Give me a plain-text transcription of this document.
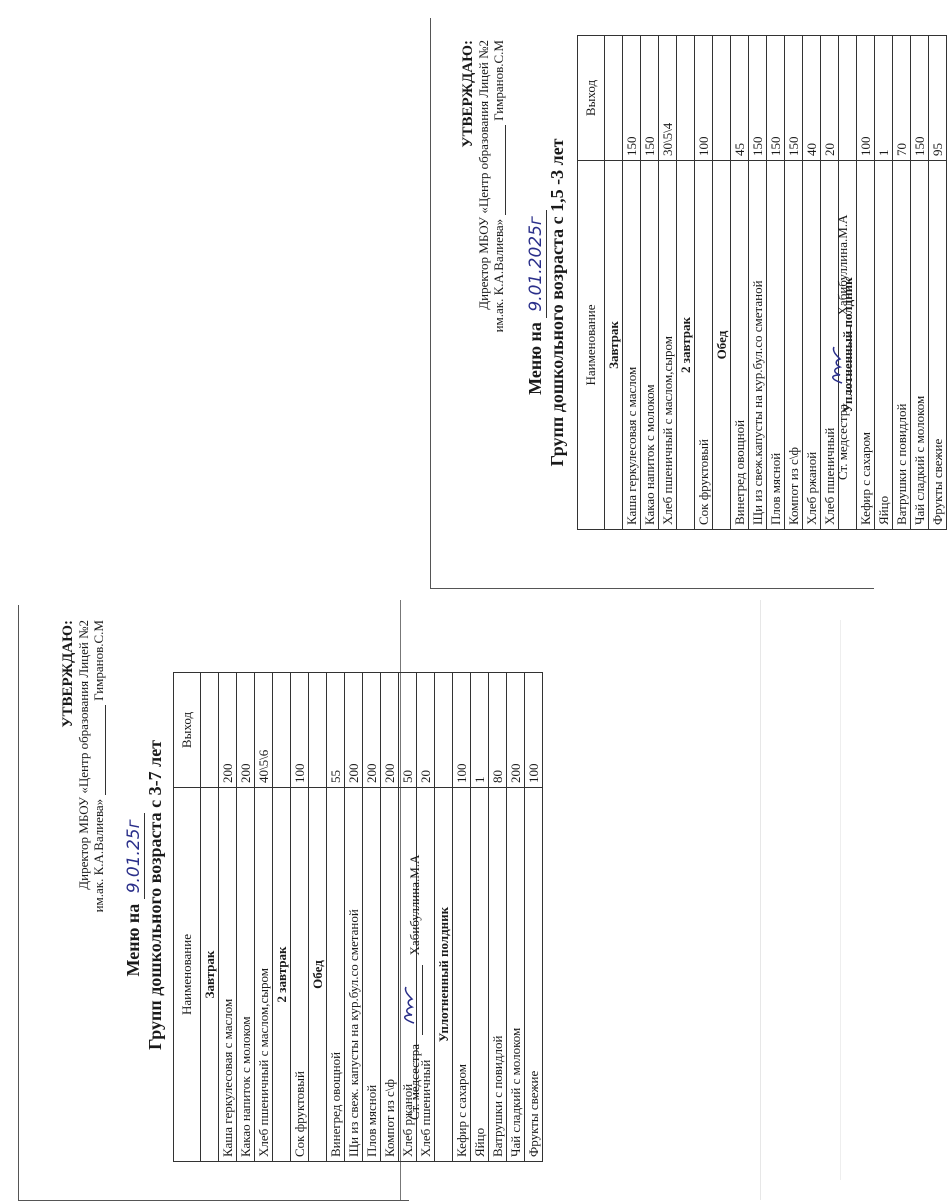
УТВЕРЖДАЮ: Директор МБОУ «Центр образования Лицей №2 им.ак. К.А.Валиева»Гимранов.С.М
Меню на 9.01.2025г Групп дошкольного возраста с 1,5 -3 лет Наименование	Выход
Завтрак	
Каша геркулесовая с маслом	150
Какао напиток с молоком	150
Хлеб пшеничный с маслом,сыром	30\5\4
2 завтрак	
Сок фруктовый	100
Обед	
Винегред овощной	45
Щи из свеж.капусты на кур.бул.со сметаной	150
Плов мясной	150
Компот из с\ф	150
Хлеб ржаной	40
Хлеб пшеничный	20
Уплотненный полдник	
Кефир с сахаром	100
Яйцо	1
Ватрушки с повидлой	70
Чай сладкий с молоком	150
Фрукты свежие	95
Ст. медсестра
Хабибуллина.М.А
УТВЕРЖДАЮ: Директор МБОУ «Центр образования Лицей №2 им.ак. К.А.Валиева»Гимранов.С.М
Меню на 9.01.25г Групп дошкольного возраста с 3-7 лет Наименование	Выход
Завтрак	
Каша геркулесовая с маслом	200
Какао напиток с молоком	200
Хлеб пшеничный с маслом,сыром	40\5\6
2 завтрак	
Сок фруктовый	100
Обед	
Винегред овощной	55
Щи из свеж. капусты на кур.бул.со сметаной	200
Плов мясной	200
Компот из с\ф	200
Хлеб ржаной	50
Хлеб пшеничный	20
Уплотненный полдник	
Кефир с сахаром	100
Яйцо	1
Ватрушки с повидлой	80
Чай сладкий с молоком	200
Фрукты свежие	100
Ст. медсестра
Хабибуллина.М.А
